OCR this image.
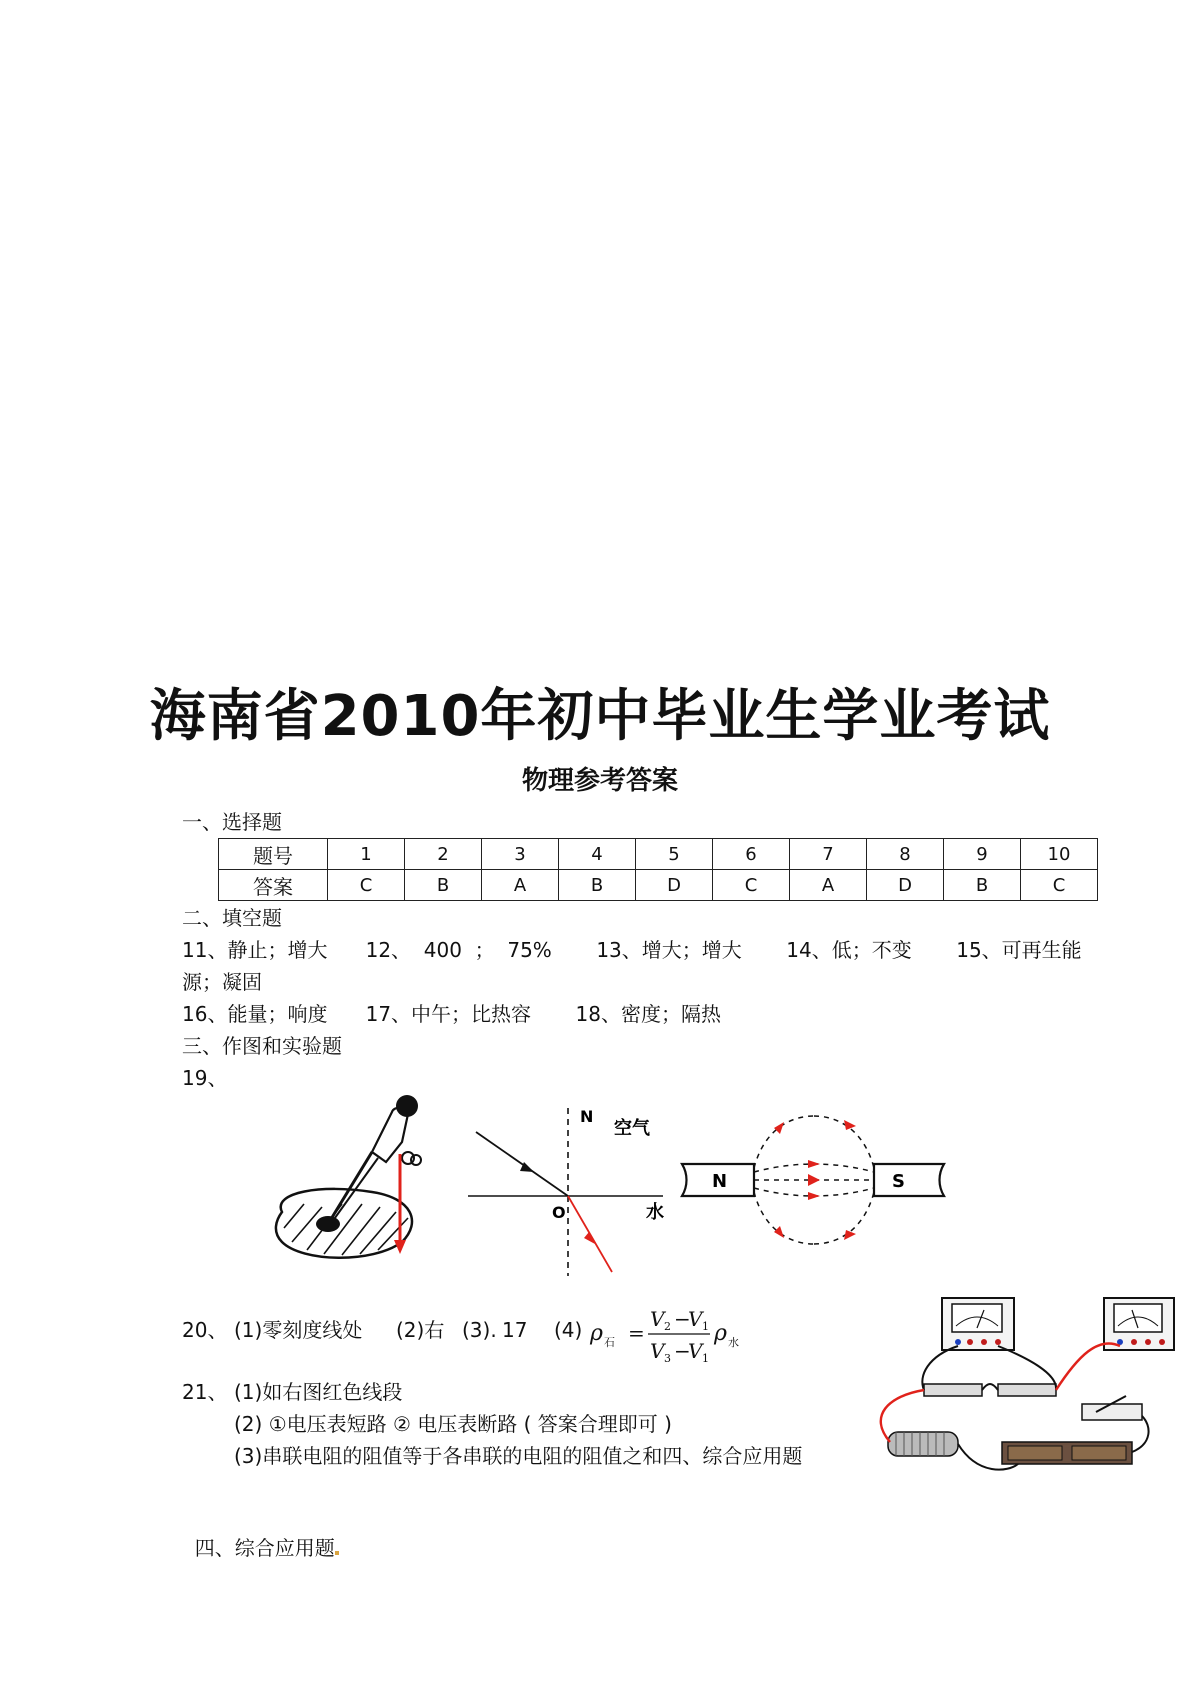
海南省2010年初中毕业生学业考试
物理参考答案
一、选择题
题号	1	2	3	4	5	6	7	8	9	10
答案	C	B	A	B	D	C	A	D	B	C
二、填空题
11、静止；增大      12、  400  ；  75%       13、增大；增大       14、低；不变       15、可再生能
源；凝固
16、能量；响度      17、中午；比热容       18、密度；隔热
三、作图和实验题
19、
N
空气
O	水
N	S
20、 (1)零刻度线处 (2)右 (3). 17 (4) ρ 石 =
V 2 −
V 1
V 3 −
V 1
ρ 水
21、 (1)如右图红色线段
(2) ①电压表短路 ② 电压表断路 ( 答案合理即可 )
(3)串联电阻的阻值等于各串联的电阻的阻值之和四、综合应用题

四、综合应用题
